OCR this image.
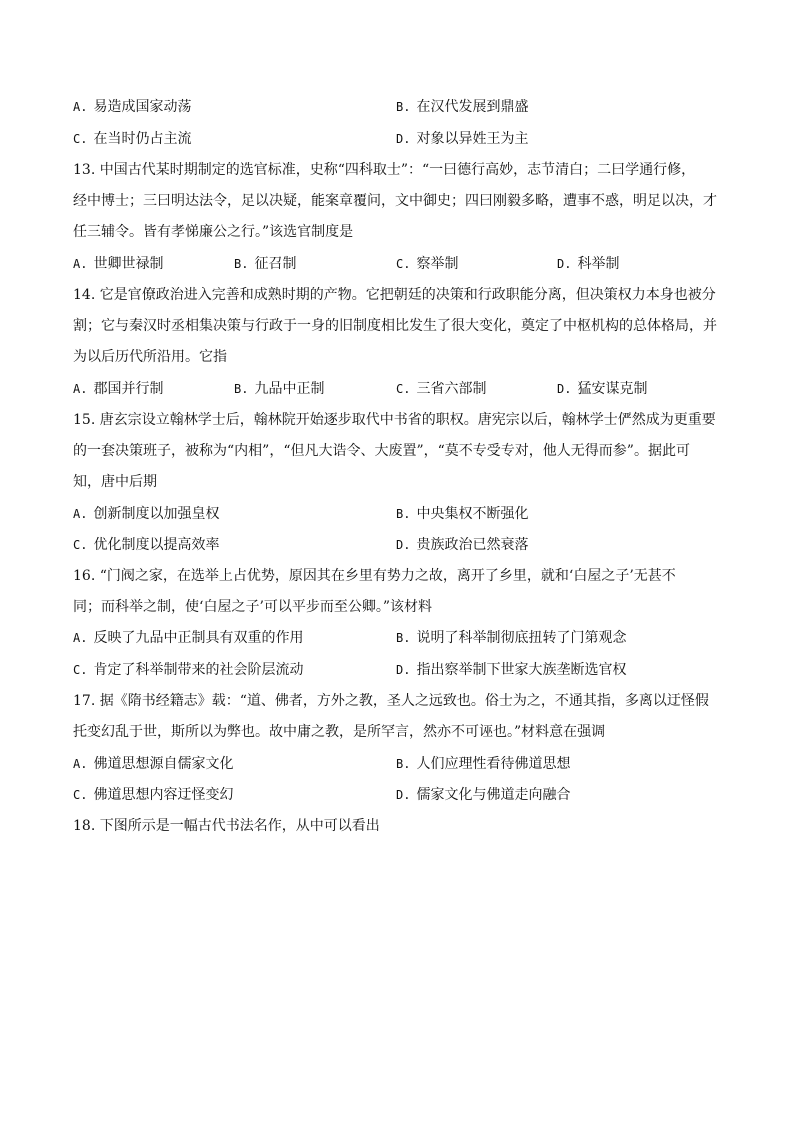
A. 易造成国家动荡	B. 在汉代发展到鼎盛
C. 在当时仍占主流	D. 对象以异姓王为主
13. 中国古代某时期制定的选官标准，史称“四科取士”：“一曰德行高妙，志节清白；二曰学通行修，
经中博士；三曰明达法令，足以决疑，能案章覆问，文中御史；四曰刚毅多略，遭事不惑，明足以决，才
任三辅令。皆有孝悌廉公之行。”该选官制度是
A. 世卿世禄制	B. 征召制	C. 察举制	D. 科举制
14. 它是官僚政治进入完善和成熟时期的产物。它把朝廷的决策和行政职能分离，但决策权力本身也被分
割；它与秦汉时丞相集决策与行政于一身的旧制度相比发生了很大变化，奠定了中枢机构的总体格局，并
为以后历代所沿用。它指
A. 郡国并行制	B. 九品中正制	C. 三省六部制	D. 猛安谋克制
15. 唐玄宗设立翰林学士后，翰林院开始逐步取代中书省的职权。唐宪宗以后，翰林学士俨然成为更重要
的一套决策班子，被称为“内相”，“但凡大诰令、大废置”，“莫不专受专对，他人无得而参”。据此可
知，唐中后期
A. 创新制度以加强皇权	B. 中央集权不断强化
C. 优化制度以提高效率	D. 贵族政治已然衰落
16. “门阀之家，在选举上占优势，原因其在乡里有势力之故，离开了乡里，就和‘白屋之子’无甚不
同；而科举之制，使‘白屋之子’可以平步而至公卿。”该材料
A. 反映了九品中正制具有双重的作用	B. 说明了科举制彻底扭转了门第观念
C. 肯定了科举制带来的社会阶层流动	D. 指出察举制下世家大族垄断选官权
17. 据《隋书经籍志》载：“道、佛者，方外之教，圣人之远致也。俗士为之，不通其指，多离以迂怪假
托变幻乱于世，斯所以为弊也。故中庸之教，是所罕言，然亦不可诬也。”材料意在强调
A. 佛道思想源自儒家文化	B. 人们应理性看待佛道思想
C. 佛道思想内容迂怪变幻	D. 儒家文化与佛道走向融合
18. 下图所示是一幅古代书法名作，从中可以看出
